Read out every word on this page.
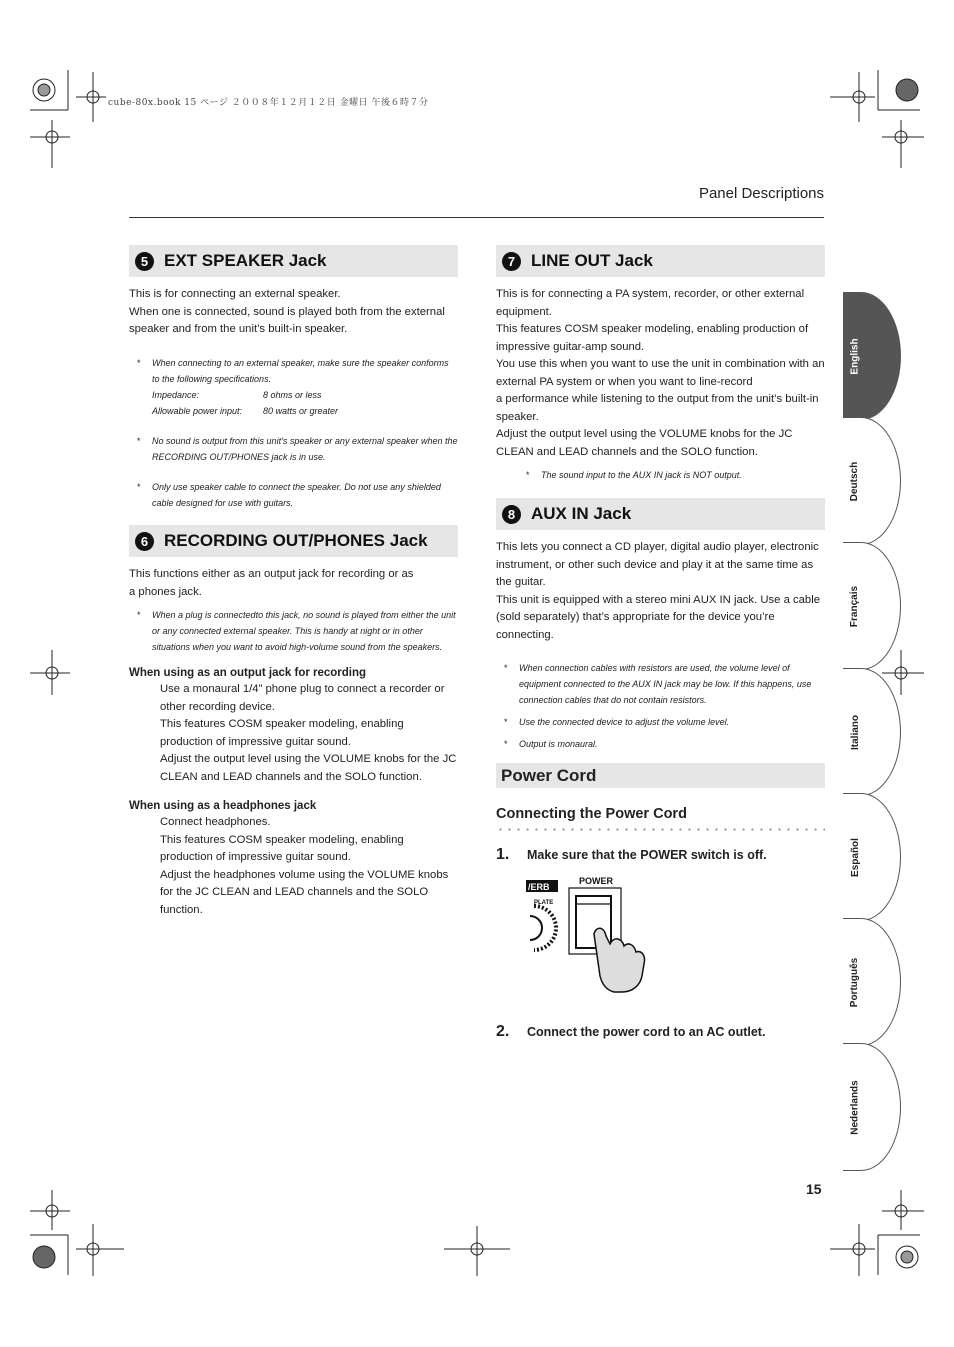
cube-80x.book 15 ページ ２００８年１２月１２日 金曜日 午後６時７分
Panel Descriptions
5 EXT SPEAKER Jack

This is for connecting an external speaker.

When one is connected, sound is played both from the external speaker and from the unit’s built-in speaker.

*	When connecting to an external speaker, make sure the speaker conforms to the following specifications.
Impedance:	8 ohms or less
Allowable power input:	80 watts or greater
*	No sound is output from this unit’s speaker or any external speaker when the RECORDING OUT/PHONES jack is in use.
*	Only use speaker cable to connect the speaker. Do not use any shielded cable designed for use with guitars.
6 RECORDING OUT/PHONES Jack

This functions either as an output jack for recording or as

a phones jack.

*	When a plug is connectedto this jack, no sound is played from either the unit or any connected external speaker. This is handy at night or in other situations when you want to avoid high-volume sound from the speakers.
When using as an output jack for recording

Use a monaural 1/4” phone plug to connect a recorder or other recording device.

This features COSM speaker modeling, enabling production of impressive guitar sound.

Adjust the output level using the VOLUME knobs for the JC CLEAN and LEAD channels and the SOLO function.

When using as a headphones jack

Connect headphones.

This features COSM speaker modeling, enabling production of impressive guitar sound.

Adjust the headphones volume using the VOLUME knobs for the JC CLEAN and LEAD channels and the SOLO function.

7 LINE OUT Jack

This is for connecting a PA system, recorder, or other external equipment.

This features COSM speaker modeling, enabling production of impressive guitar-amp sound.

You use this when you want to use the unit in combination with an external PA system or when you want to line-record

a performance while listening to the output from the unit’s built-in speaker.

Adjust the output level using the VOLUME knobs for the JC CLEAN and LEAD channels and the SOLO function.

*	The sound input to the AUX IN jack is NOT output.
8 AUX IN Jack

This lets you connect a CD player, digital audio player, electronic instrument, or other such device and play it at the same time as the guitar.

This unit is equipped with a stereo mini AUX IN jack. Use a cable (sold separately) that’s appropriate for the device you’re connecting.

*	When connection cables with resistors are used, the volume level of equipment connected to the AUX IN jack may be low. If this happens, use connection cables that do not contain resistors.
*	Use the connected device to adjust the volume level.
*	Output is monaural.
Power Cord
Connecting the Power Cord
1.	Make sure that the POWER switch is off.
/ERB
PLATE
POWER
2.	Connect the power cord to an AC outlet.
English
Deutsch
Français
Italiano
Español
Português
Nederlands
15
